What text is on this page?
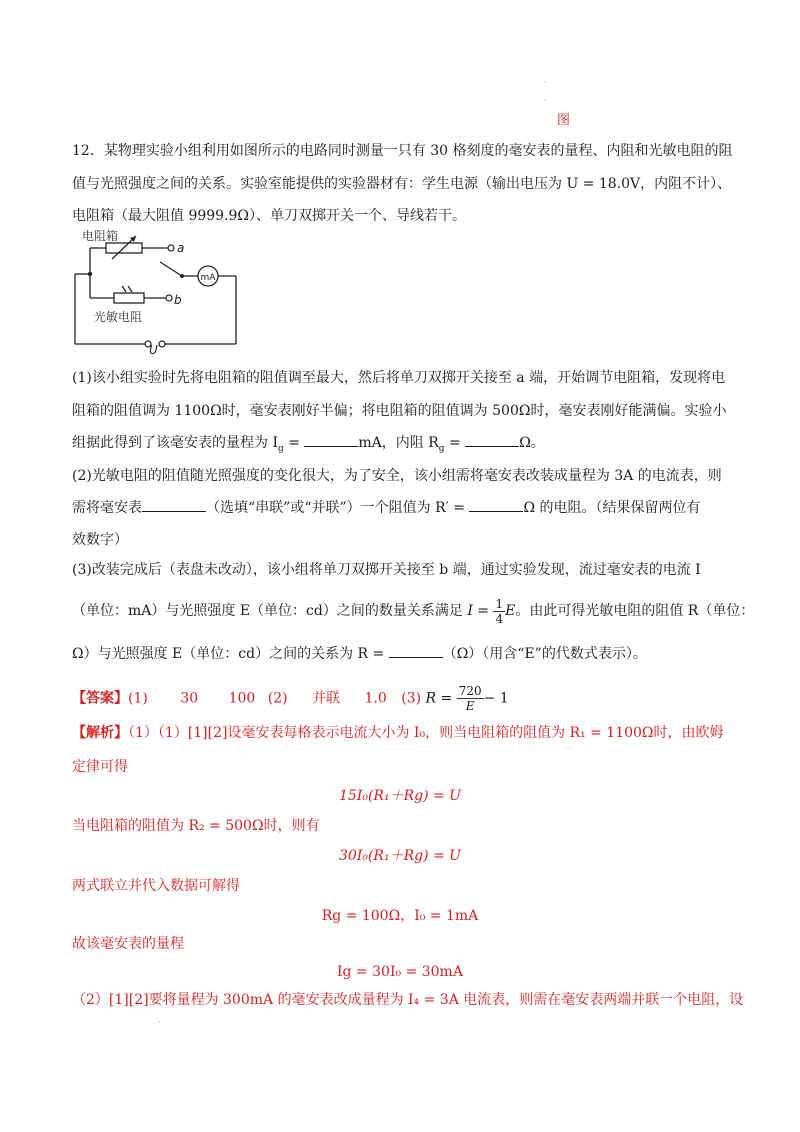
·
·
图
12．某物理实验小组利用如图所示的电路同时测量一只有 30 格刻度的毫安表的量程、内阻和光敏电阻的阻
值与光照强度之间的关系。实验室能提供的实验器材有：学生电源（输出电压为 U = 18.0V，内阻不计）、
电阻箱（最大阻值 9999.9Ω）、单刀双掷开关一个、导线若干。
电阻箱
a
b
mA
光敏电阻
U
(1)该小组实验时先将电阻箱的阻值调至最大，然后将单刀双掷开关接至 a 端，开始调节电阻箱，发现将电
阻箱的阻值调为 1100Ω时，毫安表刚好半偏；将电阻箱的阻值调为 500Ω时，毫安表刚好能满偏。实验小
组据此得到了该毫安表的量程为 $I_g$ =	mA，内阻 $R_g$ =	Ω。
(2)光敏电阻的阻值随光照强度的变化很大，为了安全，该小组需将毫安表改装成量程为 3A 的电流表，则
需将毫安表	（选填“串联”或“并联”）一个阻值为 R′ =	Ω 的电阻。（结果保留两位有
效数字）
(3)改装完成后（表盘未改动），该小组将单刀双掷开关接至 b 端，通过实验发现，流过毫安表的电流 I
（单位：mA）与光照强度 E（单位：cd）之间的数量关系满足 $I = \frac{1}{4}$ E。由此可得光敏电阻的阻值 R（单位：
Ω）与光照强度 E（单位：cd）之间的关系为 R =	（Ω）（用含“E”的代数式表示）。
【答案】(1) 30 100 (2) 并联 1.0 (3) $R = \frac{720}{E} - 1$
【解析】（1）（1）[1][2]设毫安表每格表示电流大小为 I₀，则当电阻箱的阻值为 R₁ = 1100Ω时，由欧姆
定律可得
15I₀(R₁＋Rg) = U
当电阻箱的阻值为 R₂ = 500Ω时，则有
30I₀(R₁＋Rg) = U
两式联立并代入数据可解得
Rg = 100Ω，I₀ = 1mA
故该毫安表的量程
Ig = 30I₀ = 30mA
（2）[1][2]要将量程为 300mA 的毫安表改成量程为 I₄ = 3A 电流表，则需在毫安表两端并联一个电阻，设
·
